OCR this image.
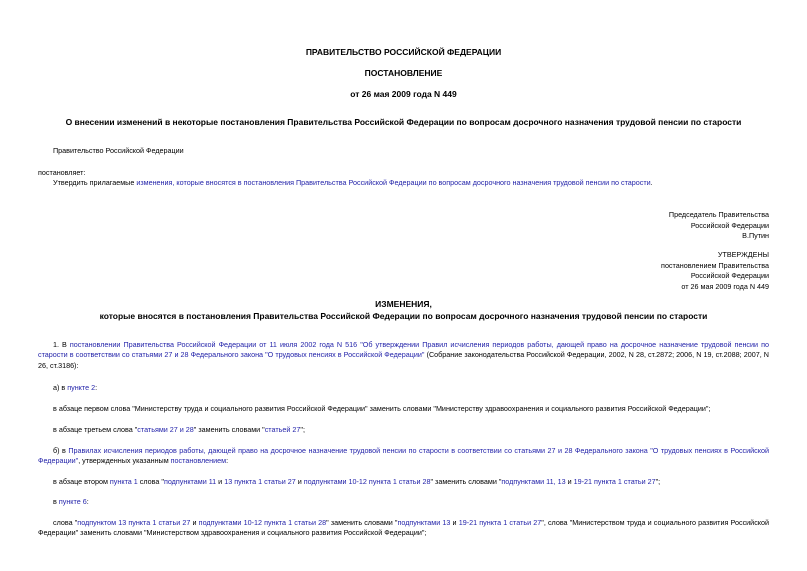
ПРАВИТЕЛЬСТВО РОССИЙСКОЙ ФЕДЕРАЦИИ
ПОСТАНОВЛЕНИЕ
от 26 мая 2009 года N 449
О внесении изменений в некоторые постановления Правительства Российской Федерации по вопросам досрочного назначения трудовой пенсии по старости
Правительство Российской Федерации
постановляет:
Утвердить прилагаемые изменения, которые вносятся в постановления Правительства Российской Федерации по вопросам досрочного назначения трудовой пенсии по старости.
Председатель Правительства
Российской Федерации
В.Путин
УТВЕРЖДЕНЫ
постановлением Правительства
Российской Федерации
от 26 мая 2009 года N 449
ИЗМЕНЕНИЯ,
которые вносятся в постановления Правительства Российской Федерации по вопросам досрочного назначения трудовой пенсии по старости
1. В постановлении Правительства Российской Федерации от 11 июля 2002 года N 516 "Об утверждении Правил исчисления периодов работы, дающей право на досрочное назначение трудовой пенсии по старости в соответствии со статьями 27 и 28 Федерального закона "О трудовых пенсиях в Российской Федерации" (Собрание законодательства Российской Федерации, 2002, N 28, ст.2872; 2006, N 19, ст.2088; 2007, N 26, ст.3186):
а) в пункте 2:
в абзаце первом слова "Министерству труда и социального развития Российской Федерации" заменить словами "Министерству здравоохранения и социального развития Российской Федерации";
в абзаце третьем слова "статьями 27 и 28" заменить словами "статьей 27";
б) в Правилах исчисления периодов работы, дающей право на досрочное назначение трудовой пенсии по старости в соответствии со статьями 27 и 28 Федерального закона "О трудовых пенсиях в Российской Федерации", утвержденных указанным постановлением:
в абзаце втором пункта 1 слова "подпунктами 11 и 13 пункта 1 статьи 27 и подпунктами 10-12 пункта 1 статьи 28" заменить словами "подпунктами 11, 13 и 19-21 пункта 1 статьи 27";
в пункте 6:
слова "подпунктом 13 пункта 1 статьи 27 и подпунктами 10-12 пункта 1 статьи 28" заменить словами "подпунктами 13 и 19-21 пункта 1 статьи 27", слова "Министерством труда и социального развития Российской Федерации" заменить словами "Министерством здравоохранения и социального развития Российской Федерации";
